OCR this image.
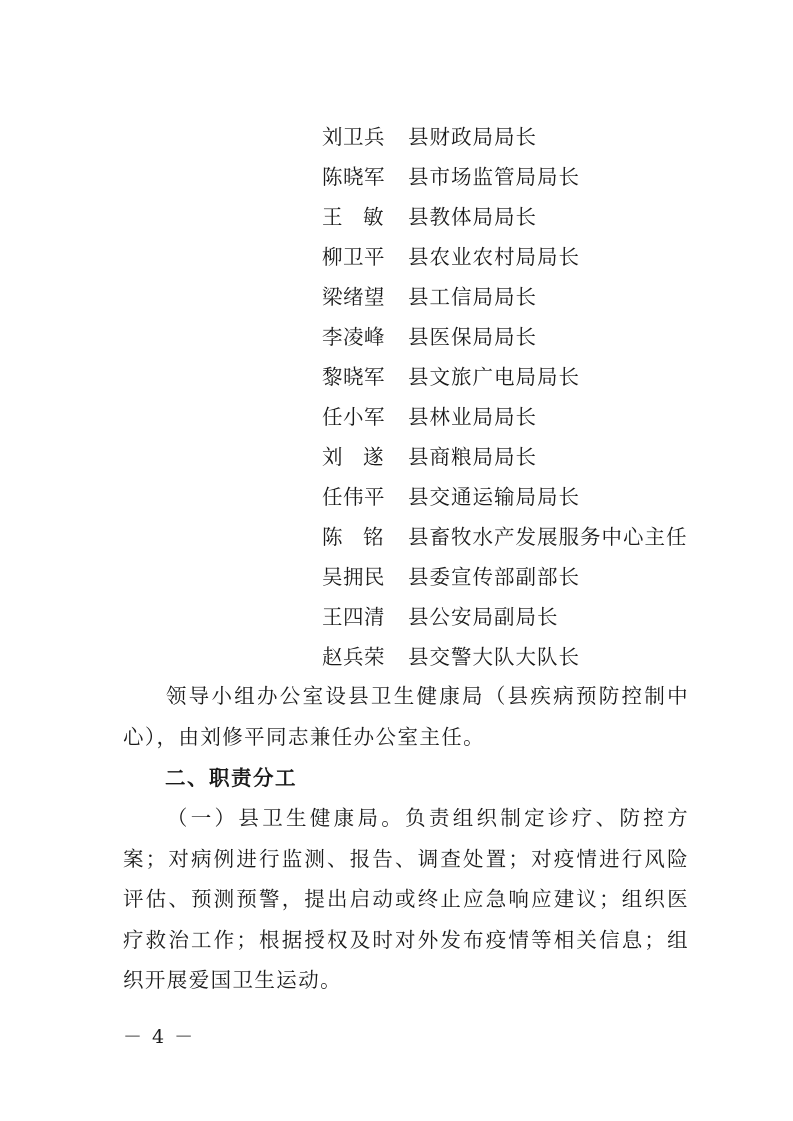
刘卫兵	县财政局局长
陈晓军	县市场监管局局长
王　敏	县教体局局长
柳卫平	县农业农村局局长
梁绪望	县工信局局长
李凌峰	县医保局局长
黎晓军	县文旅广电局局长
任小军	县林业局局长
刘　遂	县商粮局局长
任伟平	县交通运输局局长
陈　铭	县畜牧水产发展服务中心主任
吴拥民	县委宣传部副部长
王四清	县公安局副局长
赵兵荣	县交警大队大队长
领导小组办公室设县卫生健康局（县疾病预防控制中心），由刘修平同志兼任办公室主任。
二、职责分工
（一）县卫生健康局。负责组织制定诊疗、防控方案；对病例进行监测、报告、调查处置；对疫情进行风险评估、预测预警，提出启动或终止应急响应建议；组织医疗救治工作；根据授权及时对外发布疫情等相关信息；组织开展爱国卫生运动。
－ 4 －
